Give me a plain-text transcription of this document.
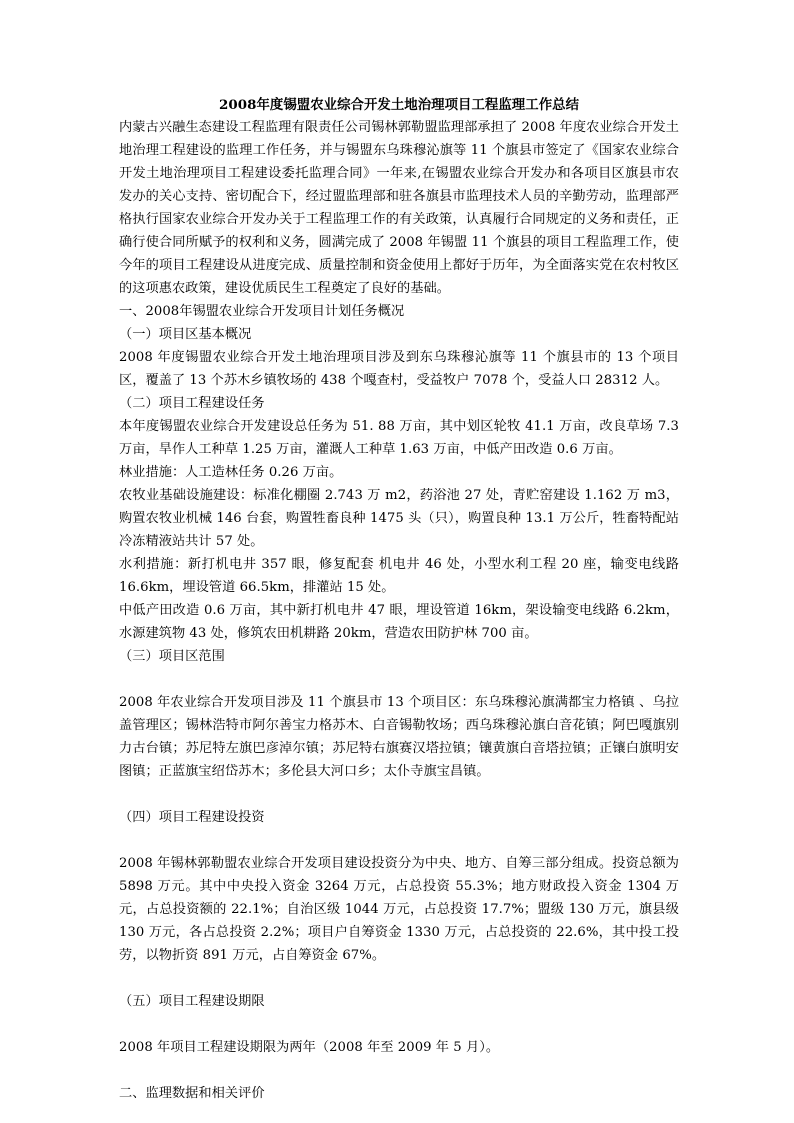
2008年度锡盟农业综合开发土地治理项目工程监理工作总结

内蒙古兴融生态建设工程监理有限责任公司锡林郭勒盟监理部承担了 2008 年度农业综合开发土地治理工程建设的监理工作任务，并与锡盟东乌珠穆沁旗等 11 个旗县市签定了《国家农业综合开发土地治理项目工程建设委托监理合同》一年来,在锡盟农业综合开发办和各项目区旗县市农发办的关心支持、密切配合下，经过盟监理部和驻各旗县市监理技术人员的辛勤劳动，监理部严格执行国家农业综合开发办关于工程监理工作的有关政策，认真履行合同规定的义务和责任，正确行使合同所赋予的权利和义务，圆满完成了 2008 年锡盟 11 个旗县的项目工程监理工作，使今年的项目工程建设从进度完成、质量控制和资金使用上都好于历年，为全面落实党在农村牧区的这项惠农政策，建设优质民生工程奠定了良好的基础。

一、2008年锡盟农业综合开发项目计划任务概况

（一）项目区基本概况

2008 年度锡盟农业综合开发土地治理项目涉及到东乌珠穆沁旗等 11 个旗县市的 13 个项目区，覆盖了 13 个苏木乡镇牧场的 438 个嘎查村，受益牧户 7078 个，受益人口 28312 人。

（二）项目工程建设任务

本年度锡盟农业综合开发建设总任务为 51. 88 万亩，其中划区轮牧 41.1 万亩，改良草场 7.3 万亩，旱作人工种草 1.25 万亩，灌溉人工种草 1.63 万亩，中低产田改造 0.6 万亩。

林业措施：人工造林任务 0.26 万亩。

农牧业基础设施建设：标准化棚圈 2.743 万 m2，药浴池 27 处，青贮窑建设 1.162 万 m3，购置农牧业机械 146 台套，购置牲畜良种 1475 头（只），购置良种 13.1 万公斤，牲畜特配站冷冻精液站共计 57 处。

水利措施：新打机电井 357 眼，修复配套 机电井 46 处，小型水利工程 20 座，输变电线路 16.6km，埋设管道 66.5km，排灌站 15 处。

中低产田改造 0.6 万亩，其中新打机电井 47 眼，埋设管道 16km，架设输变电线路 6.2km，水源建筑物 43 处，修筑农田机耕路 20km，营造农田防护林 700 亩。

（三）项目区范围

2008 年农业综合开发项目涉及 11 个旗县市 13 个项目区：东乌珠穆沁旗满都宝力格镇 、乌拉盖管理区；锡林浩特市阿尔善宝力格苏木、白音锡勒牧场；西乌珠穆沁旗白音花镇；阿巴嘎旗别力古台镇；苏尼特左旗巴彦淖尔镇；苏尼特右旗赛汉塔拉镇；镶黄旗白音塔拉镇；正镶白旗明安图镇；正蓝旗宝绍岱苏木；多伦县大河口乡；太仆寺旗宝昌镇。

（四）项目工程建设投资

2008 年锡林郭勒盟农业综合开发项目建设投资分为中央、地方、自筹三部分组成。投资总额为 5898 万元。其中中央投入资金 3264 万元，占总投资 55.3%；地方财政投入资金 1304 万元，占总投资额的 22.1%；自治区级 1044 万元，占总投资 17.7%；盟级 130 万元，旗县级 130 万元，各占总投资 2.2%；项目户自筹资金 1330 万元，占总投资的 22.6%，其中投工投劳，以物折资 891 万元，占自筹资金 67%。

（五）项目工程建设期限

2008 年项目工程建设期限为两年（2008 年至 2009 年 5 月）。

二、监理数据和相关评价
